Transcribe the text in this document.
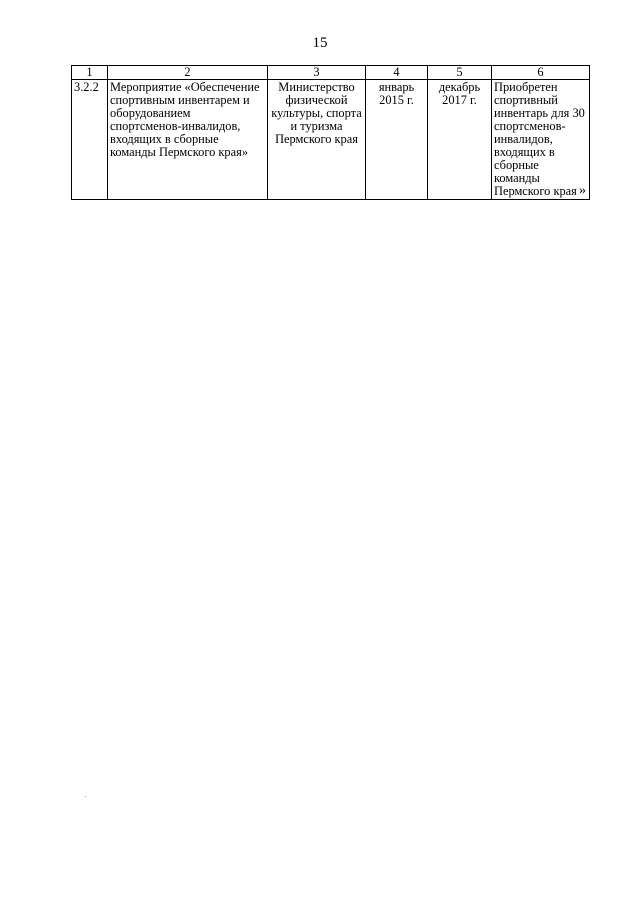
15
1	2	3	4	5	6
3.2.2	Мероприятие «Обеспечение спортивным инвентарем и оборудованием спортсменов-инвалидов, входящих в сборные команды Пермского края»	Министерство физической культуры, спорта и туризма Пермского края	январь 2015 г.	декабрь 2017 г.	Приобретен спортивный инвентарь для 30 спортсменов-инвалидов, входящих в сборные команды Пермского края »
